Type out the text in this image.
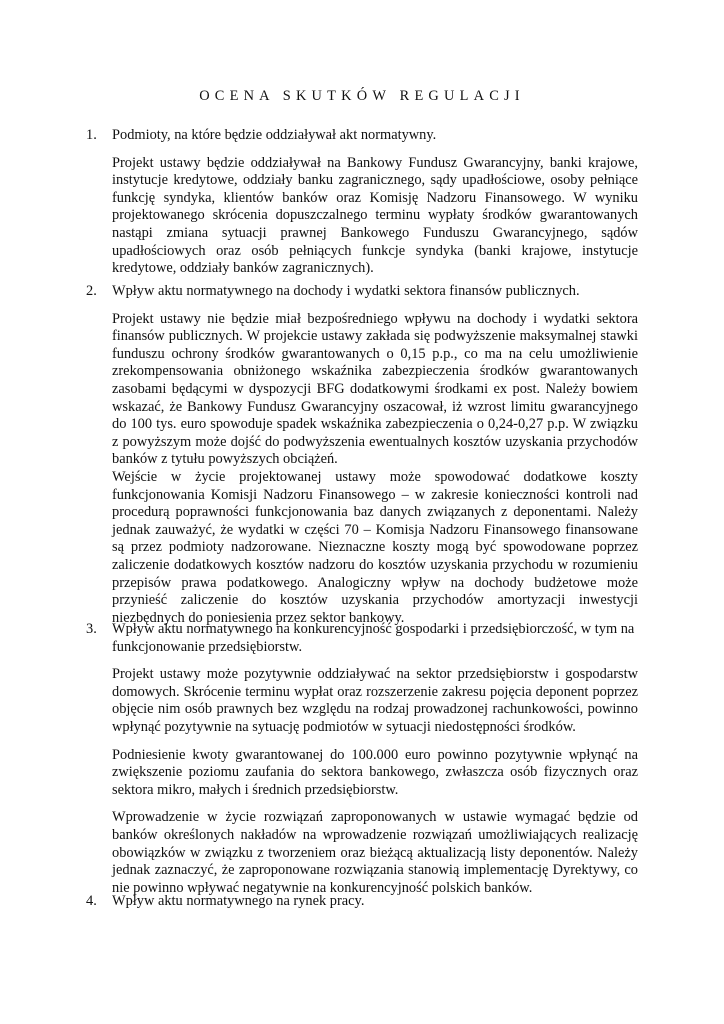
OCENA SKUTKÓW REGULACJI
1. Podmioty, na które będzie oddziaływał akt normatywny.
Projekt ustawy będzie oddziaływał na Bankowy Fundusz Gwarancyjny, banki krajowe, instytucje kredytowe, oddziały banku zagranicznego, sądy upadłościowe, osoby pełniące funkcję syndyka, klientów banków oraz Komisję Nadzoru Finansowego. W wyniku projektowanego skrócenia dopuszczalnego terminu wypłaty środków gwarantowanych nastąpi zmiana sytuacji prawnej Bankowego Funduszu Gwarancyjnego, sądów upadłościowych oraz osób pełniących funkcje syndyka (banki krajowe, instytucje kredytowe, oddziały banków zagranicznych).
2. Wpływ aktu normatywnego na dochody i wydatki sektora finansów publicznych.
Projekt ustawy nie będzie miał bezpośredniego wpływu na dochody i wydatki sektora finansów publicznych. W projekcie ustawy zakłada się podwyższenie maksymalnej stawki funduszu ochrony środków gwarantowanych o 0,15 p.p., co ma na celu umożliwienie zrekompensowania obniżonego wskaźnika zabezpieczenia środków gwarantowanych zasobami będącymi w dyspozycji BFG dodatkowymi środkami ex post. Należy bowiem wskazać, że Bankowy Fundusz Gwarancyjny oszacował, iż wzrost limitu gwarancyjnego do 100 tys. euro spowoduje spadek wskaźnika zabezpieczenia o 0,24-0,27 p.p. W związku z powyższym może dojść do podwyższenia ewentualnych kosztów uzyskania przychodów banków z tytułu powyższych obciążeń.
Wejście w życie projektowanej ustawy może spowodować dodatkowe koszty funkcjonowania Komisji Nadzoru Finansowego – w zakresie konieczności kontroli nad procedurą poprawności funkcjonowania baz danych związanych z deponentami. Należy jednak zauważyć, że wydatki w części 70 – Komisja Nadzoru Finansowego finansowane są przez podmioty nadzorowane. Nieznaczne koszty mogą być spowodowane poprzez zaliczenie dodatkowych kosztów nadzoru do kosztów uzyskania przychodu w rozumieniu przepisów prawa podatkowego. Analogiczny wpływ na dochody budżetowe może przynieść zaliczenie do kosztów uzyskania przychodów amortyzacji inwestycji niezbędnych do poniesienia przez sektor bankowy.
3. Wpływ aktu normatywnego na konkurencyjność gospodarki i przedsiębiorczość, w tym na funkcjonowanie przedsiębiorstw.
Projekt ustawy może pozytywnie oddziaływać na sektor przedsiębiorstw i gospodarstw domowych. Skrócenie terminu wypłat oraz rozszerzenie zakresu pojęcia deponent poprzez objęcie nim osób prawnych bez względu na rodzaj prowadzonej rachunkowości, powinno wpłynąć pozytywnie na sytuację podmiotów w sytuacji niedostępności środków.
Podniesienie kwoty gwarantowanej do 100.000 euro powinno pozytywnie wpłynąć na zwiększenie poziomu zaufania do sektora bankowego, zwłaszcza osób fizycznych oraz sektora mikro, małych i średnich przedsiębiorstw.
Wprowadzenie w życie rozwiązań zaproponowanych w ustawie wymagać będzie od banków określonych nakładów na wprowadzenie rozwiązań umożliwiających realizację obowiązków w związku z tworzeniem oraz bieżącą aktualizacją listy deponentów. Należy jednak zaznaczyć, że zaproponowane rozwiązania stanowią implementację Dyrektywy, co nie powinno wpływać negatywnie na konkurencyjność polskich banków.
4. Wpływ aktu normatywnego na rynek pracy.
